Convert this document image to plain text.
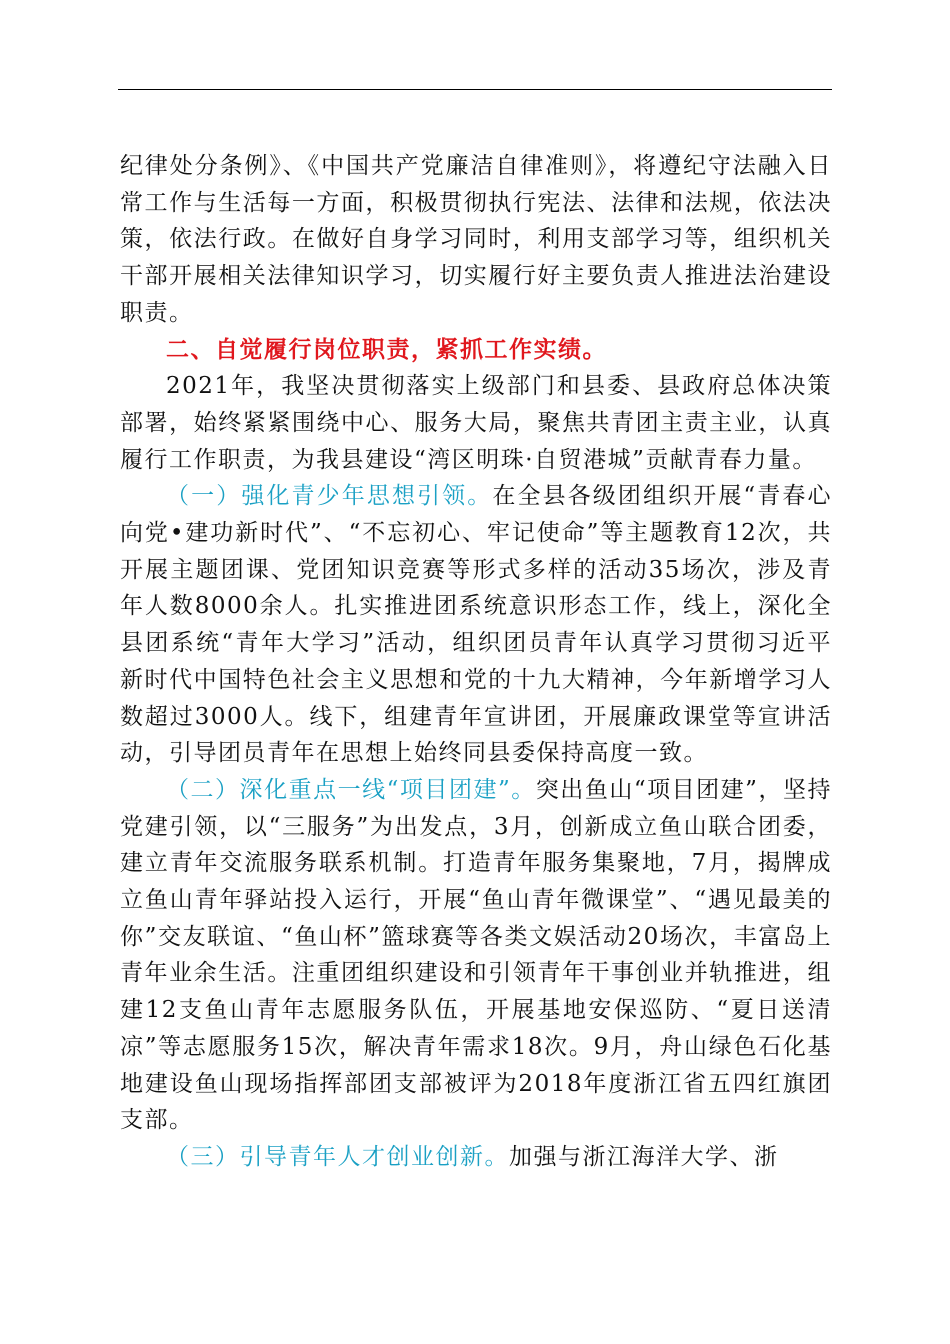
纪律处分条例》、《中国共产党廉洁自律准则》，将遵纪守法融入日常工作与生活每一方面，积极贯彻执行宪法、法律和法规，依法决策，依法行政。在做好自身学习同时，利用支部学习等，组织机关干部开展相关法律知识学习，切实履行好主要负责人推进法治建设职责。

二、自觉履行岗位职责，紧抓工作实绩。

2021年，我坚决贯彻落实上级部门和县委、县政府总体决策部署，始终紧紧围绕中心、服务大局，聚焦共青团主责主业，认真履行工作职责，为我县建设“湾区明珠·自贸港城”贡献青春力量。

（一）强化青少年思想引领。在全县各级团组织开展“青春心向党•建功新时代”、“不忘初心、牢记使命”等主题教育12次，共开展主题团课、党团知识竞赛等形式多样的活动35场次，涉及青年人数8000余人。扎实推进团系统意识形态工作，线上，深化全县团系统“青年大学习”活动，组织团员青年认真学习贯彻习近平新时代中国特色社会主义思想和党的十九大精神，今年新增学习人数超过3000人。线下，组建青年宣讲团，开展廉政课堂等宣讲活动，引导团员青年在思想上始终同县委保持高度一致。

（二）深化重点一线“项目团建”。突出鱼山“项目团建”，坚持党建引领，以“三服务”为出发点，3月，创新成立鱼山联合团委，建立青年交流服务联系机制。打造青年服务集聚地，7月，揭牌成立鱼山青年驿站投入运行，开展“鱼山青年微课堂”、“遇见最美的你”交友联谊、“鱼山杯”篮球赛等各类文娱活动20场次，丰富岛上青年业余生活。注重团组织建设和引领青年干事创业并轨推进，组建12支鱼山青年志愿服务队伍，开展基地安保巡防、“夏日送清凉”等志愿服务15次，解决青年需求18次。9月，舟山绿色石化基地建设鱼山现场指挥部团支部被评为2018年度浙江省五四红旗团支部。

（三）引导青年人才创业创新。加强与浙江海洋大学、浙
